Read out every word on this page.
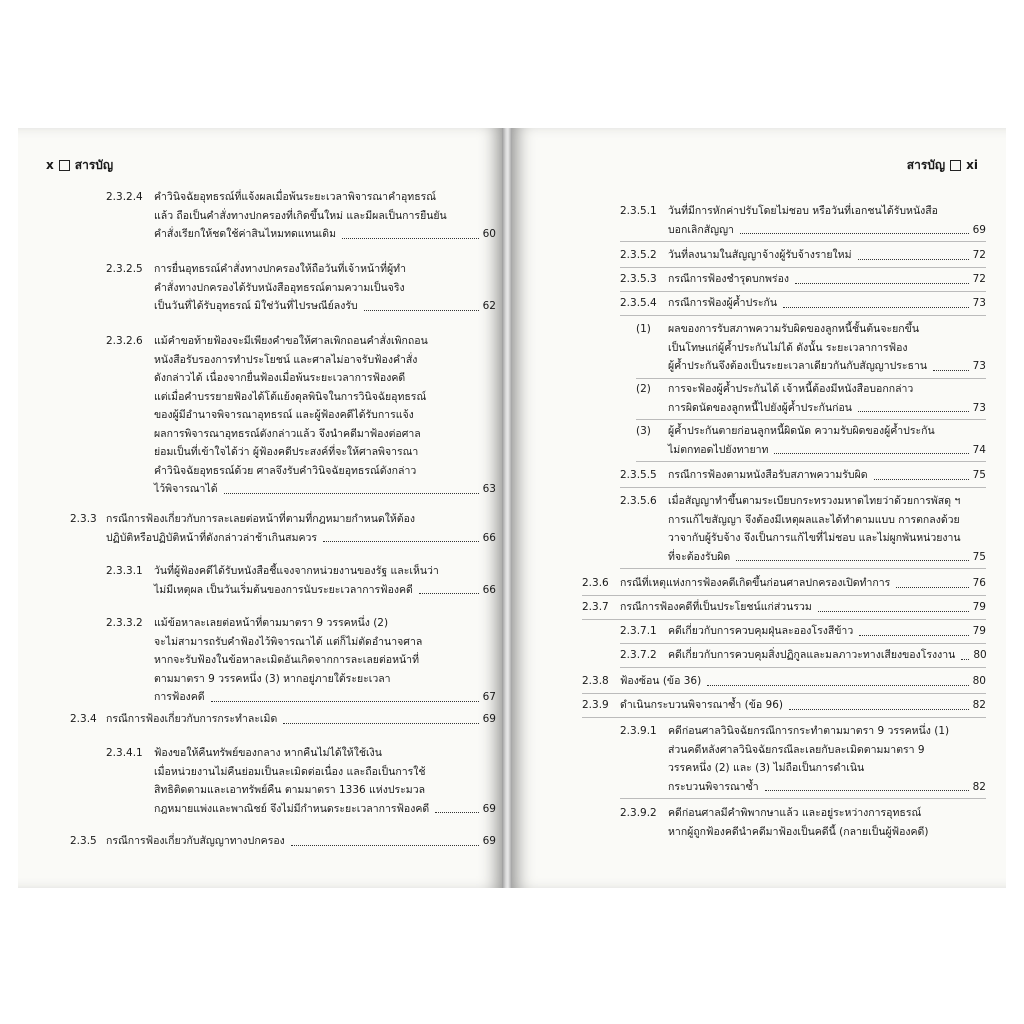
x สารบัญ
2.3.2.4 คำวินิจฉัยอุทธรณ์ที่แจ้งผลเมื่อพ้นระยะเวลาพิจารณาคำอุทธรณ์
แล้ว ถือเป็นคำสั่งทางปกครองที่เกิดขึ้นใหม่ และมีผลเป็นการยืนยัน
คำสั่งเรียกให้ชดใช้ค่าสินไหมทดแทนเดิม	60
2.3.2.5 การยื่นอุทธรณ์คำสั่งทางปกครองให้ถือวันที่เจ้าหน้าที่ผู้ทำ
คำสั่งทางปกครองได้รับหนังสืออุทธรณ์ตามความเป็นจริง
เป็นวันที่ได้รับอุทธรณ์ มิใช่วันที่ไปรษณีย์ลงรับ	62
2.3.2.6 แม้คำขอท้ายฟ้องจะมีเพียงคำขอให้ศาลเพิกถอนคำสั่งเพิกถอน
หนังสือรับรองการทำประโยชน์ และศาลไม่อาจรับฟ้องคำสั่ง
ดังกล่าวได้ เนื่องจากยื่นฟ้องเมื่อพ้นระยะเวลาการฟ้องคดี
แต่เมื่อคำบรรยายฟ้องได้โต้แย้งดุลพินิจในการวินิจฉัยอุทธรณ์
ของผู้มีอำนาจพิจารณาอุทธรณ์ และผู้ฟ้องคดีได้รับการแจ้ง
ผลการพิจารณาอุทธรณ์ดังกล่าวแล้ว จึงนำคดีมาฟ้องต่อศาล
ย่อมเป็นที่เข้าใจได้ว่า ผู้ฟ้องคดีประสงค์ที่จะให้ศาลพิจารณา
คำวินิจฉัยอุทธรณ์ด้วย ศาลจึงรับคำวินิจฉัยอุทธรณ์ดังกล่าว
ไว้พิจารณาได้	63
2.3.3 กรณีการฟ้องเกี่ยวกับการละเลยต่อหน้าที่ตามที่กฎหมายกำหนดให้ต้อง
ปฏิบัติหรือปฏิบัติหน้าที่ดังกล่าวล่าช้าเกินสมควร	66
2.3.3.1 วันที่ผู้ฟ้องคดีได้รับหนังสือชี้แจงจากหน่วยงานของรัฐ และเห็นว่า
ไม่มีเหตุผล เป็นวันเริ่มต้นของการนับระยะเวลาการฟ้องคดี	66
2.3.3.2 แม้ข้อหาละเลยต่อหน้าที่ตามมาตรา 9 วรรคหนึ่ง (2)
จะไม่สามารถรับคำฟ้องไว้พิจารณาได้ แต่ก็ไม่ตัดอำนาจศาล
หากจะรับฟ้องในข้อหาละเมิดอันเกิดจากการละเลยต่อหน้าที่
ตามมาตรา 9 วรรคหนึ่ง (3) หากอยู่ภายใต้ระยะเวลา
การฟ้องคดี	67
2.3.4 กรณีการฟ้องเกี่ยวกับการกระทำละเมิด	69
2.3.4.1 ฟ้องขอให้คืนทรัพย์ของกลาง หากคืนไม่ได้ให้ใช้เงิน
เมื่อหน่วยงานไม่คืนย่อมเป็นละเมิดต่อเนื่อง และถือเป็นการใช้
สิทธิติดตามและเอาทรัพย์คืน ตามมาตรา 1336 แห่งประมวล
กฎหมายแพ่งและพาณิชย์ จึงไม่มีกำหนดระยะเวลาการฟ้องคดี	69
2.3.5 กรณีการฟ้องเกี่ยวกับสัญญาทางปกครอง	69
สารบัญ xi
2.3.5.1 วันที่มีการหักค่าปรับโดยไม่ชอบ หรือวันที่เอกชนได้รับหนังสือ
บอกเลิกสัญญา	69
2.3.5.2 วันที่ลงนามในสัญญาจ้างผู้รับจ้างรายใหม่	72
2.3.5.3 กรณีการฟ้องชำรุดบกพร่อง	72
2.3.5.4 กรณีการฟ้องผู้ค้ำประกัน	73
(1) ผลของการรับสภาพความรับผิดของลูกหนี้ชั้นต้นจะยกขึ้น
เป็นโทษแก่ผู้ค้ำประกันไม่ได้ ดังนั้น ระยะเวลาการฟ้อง
ผู้ค้ำประกันจึงต้องเป็นระยะเวลาเดียวกันกับสัญญาประธาน	73
(2) การจะฟ้องผู้ค้ำประกันได้ เจ้าหนี้ต้องมีหนังสือบอกกล่าว
การผิดนัดของลูกหนี้ไปยังผู้ค้ำประกันก่อน	73
(3) ผู้ค้ำประกันตายก่อนลูกหนี้ผิดนัด ความรับผิดของผู้ค้ำประกัน
ไม่ตกทอดไปยังทายาท	74
2.3.5.5 กรณีการฟ้องตามหนังสือรับสภาพความรับผิด	75
2.3.5.6 เมื่อสัญญาทำขึ้นตามระเบียบกระทรวงมหาดไทยว่าด้วยการพัสดุ ฯ
การแก้ไขสัญญา จึงต้องมีเหตุผลและได้ทำตามแบบ การตกลงด้วย
วาจากับผู้รับจ้าง จึงเป็นการแก้ไขที่ไม่ชอบ และไม่ผูกพันหน่วยงาน
ที่จะต้องรับผิด	75
2.3.6 กรณีที่เหตุแห่งการฟ้องคดีเกิดขึ้นก่อนศาลปกครองเปิดทำการ	76
2.3.7 กรณีการฟ้องคดีที่เป็นประโยชน์แก่ส่วนรวม	79
2.3.7.1 คดีเกี่ยวกับการควบคุมฝุ่นละอองโรงสีข้าว	79
2.3.7.2 คดีเกี่ยวกับการควบคุมสิ่งปฏิกูลและมลภาวะทางเสียงของโรงงาน 80
2.3.8 ฟ้องซ้อน (ข้อ 36)	80
2.3.9 ดำเนินกระบวนพิจารณาซ้ำ (ข้อ 96)	82
2.3.9.1 คดีก่อนศาลวินิจฉัยกรณีการกระทำตามมาตรา 9 วรรคหนึ่ง (1)
ส่วนคดีหลังศาลวินิจฉัยกรณีละเลยกับละเมิดตามมาตรา 9
วรรคหนึ่ง (2) และ (3) ไม่ถือเป็นการดำเนิน
กระบวนพิจารณาซ้ำ	82
2.3.9.2 คดีก่อนศาลมีคำพิพากษาแล้ว และอยู่ระหว่างการอุทธรณ์
หากผู้ถูกฟ้องคดีนำคดีมาฟ้องเป็นคดีนี้ (กลายเป็นผู้ฟ้องคดี)
